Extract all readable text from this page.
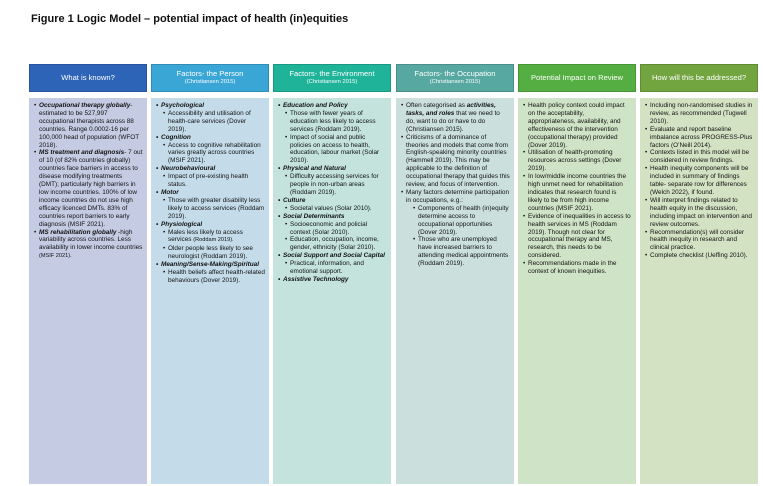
Figure 1 Logic Model – potential impact of health (in)equities
What is known?
• Occupational therapy globally- estimated to be 527,997 occupational therapists across 88 countries. Range 0.0002-16 per 100,000 head of population (WFOT 2018).
• MS treatment and diagnosis- 7 out of 10 (of 82% countries globally) countries face barriers in access to disease modifying treatments (DMT); particularly high barriers in low income countries. 100% of low income countries do not use high efficacy licenced DMTs. 83% of countries report barriers to early diagnosis (MSIF 2021).
• MS rehabilitation globally -high variability across countries. Less availability in lower income countries (MSIF 2021).
Factors- the Person
(Christiansen 2015)
• Psychological
• Accessibility and utilisation of health-care services (Dover 2019).
• Cognition
• Access to cognitive rehabilitation varies greatly across countries (MSIF 2021).
• Neurobehavioural
• Impact of pre-existing health status.
• Motor
• Those with greater disability less likely to access services (Roddam 2019).
• Physiological
• Males less likely to access services (Roddam 2019).
• Older people less likely to see neurologist (Roddam 2019).
• Meaning/Sense-Making/Spiritual
• Health beliefs affect health-related behaviours (Dover 2019).
Factors- the Environment
(Christiansen 2015)
• Education and Policy
• Those with fewer years of education less likely to access services (Roddam 2019).
• Impact of social and public policies on access to health, education, labour market (Solar 2010).
• Physical and Natural
• Difficulty accessing services for people in non-urban areas (Roddam 2019).
• Culture
• Societal values (Solar 2010).
• Social Determinants
• Socioeconomic and policial context (Solar 2010).
• Education, occupation, income, gender, ethnicity (Solar 2010).
• Social Support and Social Capital
• Practical, information, and emotional support.
• Assistive Technology
Factors- the Occupation
(Christiansen 2015)
• Often categorised as activities, tasks, and roles that we need to do, want to do or have to do (Christiansen 2015).
• Criticisms of a dominance of theories and models that come from English-speaking minority countries (Hammell 2019). This may be applicable to the definition of occupational therapy that guides this review, and focus of intervention.
• Many factors determine participation in occupations, e.g.:
• Components of health (in)equity determine access to occupational opportunities (Dover 2019).
• Those who are unemployed have increased barriers to attending medical appointments (Roddam 2019).
Potential Impact on Review
• Health policy context could impact on the acceptability, appropriateness, availability, and effectiveness of the intervention (occupational therapy) provided (Dover 2019).
• Utilisation of health-promoting resources across settings (Dover 2019).
• In low/middle income countries the high unmet need for rehabilitation indicates that research found is likely to be from high income countries (MSIF 2021).
• Evidence of inequalities in access to health services in MS (Roddam 2019). Though not clear for occupational therapy and MS, research, this needs to be considered.
• Recommendations made in the context of known inequities.
How will this be addressed?
• Including non-randomised studies in review, as recommended (Tugwell 2010).
• Evaluate and report baseline imbalance across PROGRESS-Plus factors (O’Neill 2014).
• Contexts listed in this model will be considered in review findings.
• Health inequity components will be included in summary of findings table- separate row for differences (Welch 2022), if found.
• Will interpret findings related to health equity in the discussion, including impact on intervention and review outcomes.
• Recommendation(s) will consider health inequity in research and clinical practice.
• Complete checklist (Ueffing 2010).
